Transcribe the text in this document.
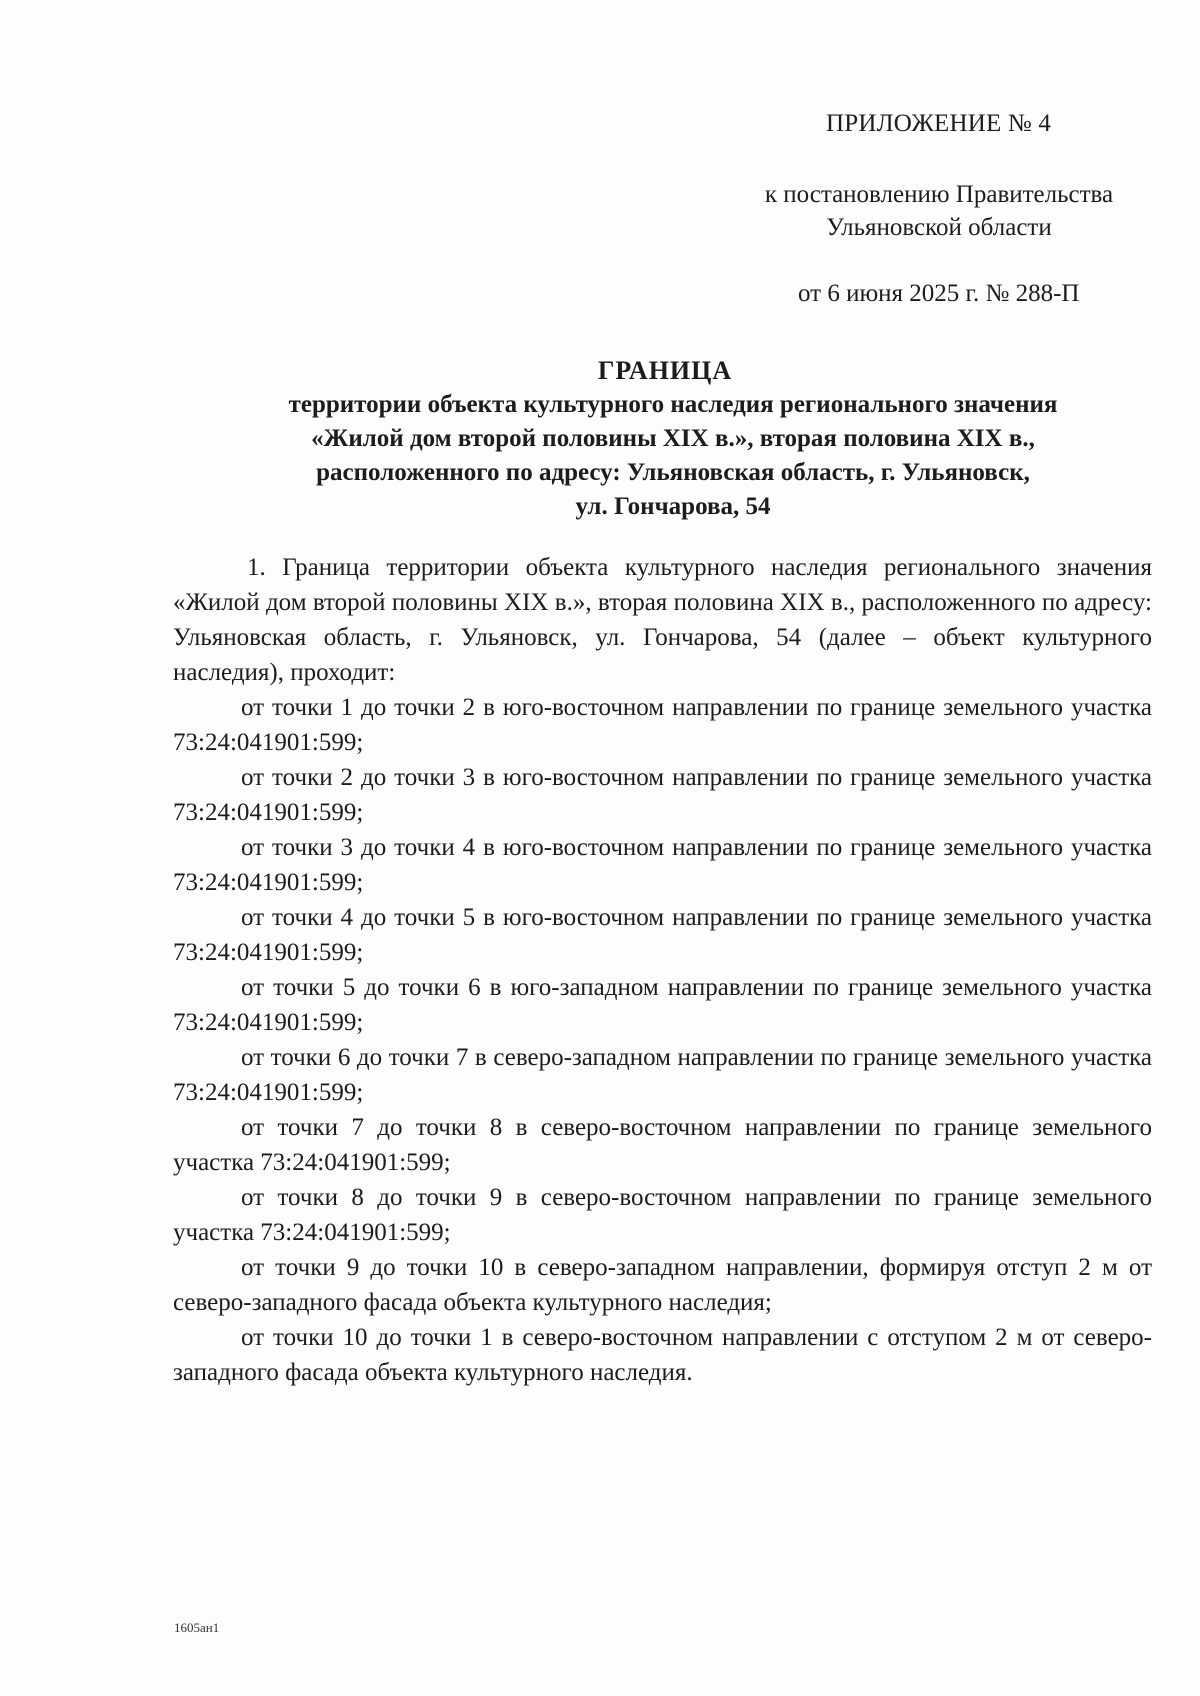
ПРИЛОЖЕНИЕ № 4
к постановлению Правительства
Ульяновской области
от 6 июня 2025 г. № 288-П
ГРАНИЦА
территории объекта культурного наследия регионального значения
«Жилой дом второй половины XIX в.», вторая половина XIX в.,
расположенного по адресу: Ульяновская область, г. Ульяновск,
ул. Гончарова, 54

1. Граница территории объекта культурного наследия регионального значения «Жилой дом второй половины XIX в.», вторая половина XIX в., расположенного по адресу: Ульяновская область, г. Ульяновск, ул. Гончарова, 54 (далее – объект культурного наследия), проходит:

от точки 1 до точки 2 в юго-восточном направлении по границе земельного участка 73:24:041901:599;

от точки 2 до точки 3 в юго-восточном направлении по границе земельного участка 73:24:041901:599;

от точки 3 до точки 4 в юго-восточном направлении по границе земельного участка 73:24:041901:599;

от точки 4 до точки 5 в юго-восточном направлении по границе земельного участка 73:24:041901:599;

от точки 5 до точки 6 в юго-западном направлении по границе земельного участка 73:24:041901:599;

от точки 6 до точки 7 в северо-западном направлении по границе земельного участка 73:24:041901:599;

от точки 7 до точки 8 в северо-восточном направлении по границе земельного участка 73:24:041901:599;

от точки 8 до точки 9 в северо-восточном направлении по границе земельного участка 73:24:041901:599;

от точки 9 до точки 10 в северо-западном направлении, формируя отступ 2 м от северо-западного фасада объекта культурного наследия;

от точки 10 до точки 1 в северо-восточном направлении с отступом 2 м от северо-западного фасада объекта культурного наследия.

1605ан1
